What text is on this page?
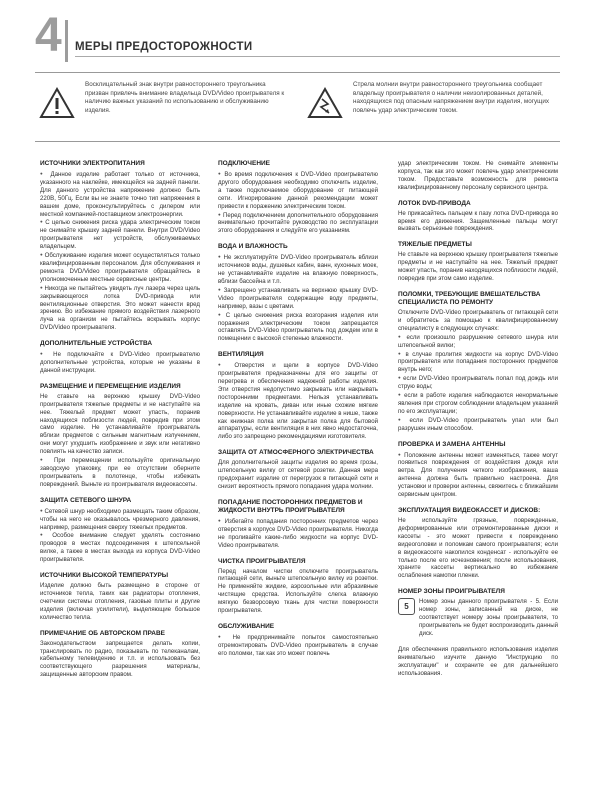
4 МЕРЫ ПРЕДОСТОРОЖНОСТИ
Восклицательный знак внутри равностороннего треугольника призван привлечь внимание владельца DVD/Video проигрывателя к наличию важных указаний по использованию и обслуживанию изделия.
Стрела молнии внутри равностороннего треугольника сообщает владельцу проигрывателя о наличии неизолированных деталей, находящихся под опасным напряжением внутри изделия, могущих повлечь удар электрическим током.
ИСТОЧНИКИ ЭЛЕКТРОПИТАНИЯ

● Данное изделие работает только от источника, указанного на наклейке, имеющейся на задней панели. Для данного устройства напряжение должно быть 220В, 50Гц. Если вы не знаете точно тип напряжения в вашем доме, проконсультируйтесь с дилером или местной компанией-поставщиком электроэнергии.

● С целью снижения риска удара электрическим током не снимайте крышку задней панели. Внутри DVD/Video проигрывателя нет устройств, обслуживаемых владельцем.

● Обслуживание изделия может осуществляться только квалифицированным персоналом. Для обслуживания и ремонта DVD/Video проигрывателя обращайтесь в уполномоченные местные сервисные центры.

● Никогда не пытайтесь увидеть луч лазера через щель закрывающегося лотка DVD-привода или вентиляционные отверстия. Это может нанести вред зрению. Во избежание прямого воздействия лазерного луча на организм не пытайтесь вскрывать корпус DVD/Video проигрывателя.

ДОПОЛНИТЕЛЬНЫЕ УСТРОЙСТВА

● Не подключайте к DVD-Video проигрывателю дополнительные устройства, которые не указаны в данной инструкции.

РАЗМЕЩЕНИЕ И ПЕРЕМЕЩЕНИЕ ИЗДЕЛИЯ

Не ставьте на верхнюю крышку DVD-Video проигрывателя тяжелые предметы и не наступайте на нее. Тяжелый предмет может упасть, поранив находящихся поблизости людей, повредив при этом само изделие. Не устанавливайте проигрыватель вблизи предметов с сильным магнитным излучением, они могут ухудшить изображение и звук или негативно повлиять на качество записи.

● При перемещении используйте оригинальную заводскую упаковку, при ее отсутствии оберните проигрыватель в полотенце, чтобы избежать повреждений. Выньте из проигрывателя видеокассеты.

ЗАЩИТА СЕТЕВОГО ШНУРА

● Сетевой шнур необходимо размещать таким образом, чтобы на него не оказывалось чрезмерного давления, например, размещения сверху тяжелых предметов.

● Особое внимание следует уделять состоянию проводов в местах подсоединения к штепсельной вилке, а также в местах выхода из корпуса DVD-Video проигрывателя.

ИСТОЧНИКИ ВЫСОКОЙ ТЕМПЕРАТУРЫ

Изделие должно быть размещено в стороне от источников тепла, таких как радиаторы отопления, счетчики системы отопления, газовые плиты и другие изделия (включая усилители), выделяющие большое количество тепла.

ПРИМЕЧАНИЕ ОБ АВТОРСКОМ ПРАВЕ

Законодательством запрещается делать копии, транслировать по радио, показывать по телеканалам, кабельному телевидению и т.п. и использовать без соответствующего разрешения материалы, защищенные авторским правом.

ПОДКЛЮЧЕНИЕ

● Во время подключения к DVD-Video проигрывателю другого оборудования необходимо отключить изделие, а также подключаемое оборудование от питающей сети. Игнорирование данной рекомендации может привести к поражению электрическим током.

● Перед подключением дополнительного оборудования внимательно прочитайте руководство по эксплуатации этого оборудования и следуйте его указаниям.

ВОДА И ВЛАЖНОСТЬ

● Не эксплуатируйте DVD-Video проигрыватель вблизи источников воды, душевых кабин, ванн, кухонных моек, не устанавливайте изделие на влажную поверхность, вблизи бассейна и т.п.

● Запрещено устанавливать на верхнюю крышку DVD-Video проигрывателя содержащие воду предметы, например, вазы с цветами.

● С целью снижения риска возгорания изделия или поражения электрическим током запрещается оставлять DVD-Video проигрыватель под дождем или в помещении с высокой степенью влажности.

ВЕНТИЛЯЦИЯ

● Отверстия и щели в корпусе DVD-Video проигрывателя предназначены для его защиты от перегрева и обеспечения надежной работы изделия. Эти отверстия недопустимо закрывать или накрывать посторонними предметами. Нельзя устанавливать изделие на кровать, диван или иные схожие мягкие поверхности. Не устанавливайте изделие в нише, также как книжная полка или закрытая полка для бытовой аппаратуры, если вентиляция в них явно недостаточна, либо это запрещено рекомендациями изготовителя.

ЗАЩИТА ОТ АТМОСФЕРНОГО ЭЛЕКТРИЧЕСТВА

Для дополнительной защиты изделия во время грозы, штепсельную вилку от сетевой розетки. Данная мера предохранит изделие от перегрузок в питающей сети и снизит вероятность прямого попадания удара молнии.

ПОПАДАНИЕ ПОСТОРОННИХ ПРЕДМЕТОВ И ЖИДКОСТИ ВНУТРЬ ПРОИГРЫВАТЕЛЯ

● Избегайте попадания посторонних предметов через отверстия в корпусе DVD-Video проигрывателя. Никогда не проливайте какие-либо жидкости на корпус DVD-Video проигрывателя.

ЧИСТКА ПРОИГРЫВАТЕЛЯ

Перед началом чистки отключите проигрыватель питающей сети, выньте штепсельную вилку из розетки. Не применяйте жидкие, аэрозольные или абразивные чистящие средства. Используйте слегка влажную мягкую безворсовую ткань для чистки поверхности проигрывателя.

ОБСЛУЖИВАНИЕ

● Не предпринимайте попыток самостоятельно отремонтировать DVD-Video проигрыватель в случае его поломки, так как это может повлечь

удар электрическим током. Не снимайте элементы корпуса, так как это может повлечь удар электрическим током. Предоставьте возможность для ремонта квалифицированному персоналу сервисного центра.

ЛОТОК DVD-ПРИВОДА

Не прикасайтесь пальцем к пазу лотка DVD-привода во время его движения. Защемленные пальцы могут вызвать серьезные повреждения.

ТЯЖЕЛЫЕ ПРЕДМЕТЫ

Не ставьте на верхнюю крышку проигрывателя тяжелые предметы и не наступайте на нее. Тяжелый предмет может упасть, поранив находящихся поблизости людей, повредив при этом само изделие.

ПОЛОМКИ, ТРЕБУЮЩИЕ ВМЕШАТЕЛЬСТВА СПЕЦИАЛИСТА ПО РЕМОНТУ

Отключите DVD-Video проигрыватель от питающей сети и обратитесь за помощью к квалифицированному специалисту в следующих случаях:

● если произошло разрушение сетевого шнура или штепсельной вилки;

● в случае пролития жидкости на корпус DVD-Video проигрывателя или попадания посторонних предметов внутрь него;

● если DVD-Video проигрыватель попал под дождь или струю воды;

● если в работе изделия наблюдаются ненормальные явления при строгом соблюдении владельцем указаний по его эксплуатации;

● если DVD-Video проигрыватель упал или был разрушен иным способом.

ПРОВЕРКА И ЗАМЕНА АНТЕННЫ

● Положение антенны может изменяться, также могут появиться повреждения от воздействия дождя или ветра. Для получения четкого изображения, ваша антенна должна быть правильно настроена. Для установки и проверки антенны, свяжитесь с ближайшим сервисным центром.

ЭКСПЛУАТАЦИЯ ВИДЕОКАССЕТ И ДИСКОВ:

Не используйте грязные, поврежденные, деформированные или отремонтированные диски и кассеты - это может привести к повреждению видеоголовки и поломкам самого проигрывателя; если в видеокассете накопился конденсат - используйте ее только после его исчезновения; после использования, храните кассеты вертикально во избежание ослабления намотки пленки.

НОМЕР ЗОНЫ ПРОИГРЫВАТЕЛЯ
5

Номер зоны данного проигрывателя - 5. Если номер зоны, записанный на диске, не соответствует номеру зоны проигрывателя, то проигрыватель не будет воспроизводить данный диск.

Для обеспечения правильного использования изделия внимательно изучите данную "Инструкцию по эксплуатации" и сохраните ее для дальнейшего использования.
